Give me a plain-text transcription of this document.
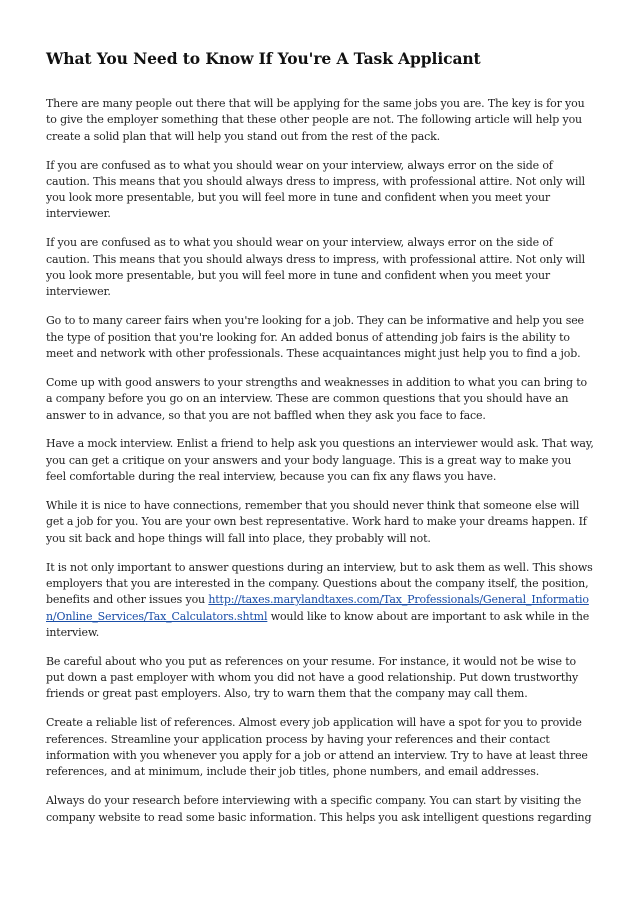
What You Need to Know If You're A Task Applicant

There are many people out there that will be applying for the same jobs you are. The key is for you to give the employer something that these other people are not. The following article will help you create a solid plan that will help you stand out from the rest of the pack.

If you are confused as to what you should wear on your interview, always error on the side of caution. This means that you should always dress to impress, with professional attire. Not only will you look more presentable, but you will feel more in tune and confident when you meet your interviewer.

If you are confused as to what you should wear on your interview, always error on the side of caution. This means that you should always dress to impress, with professional attire. Not only will you look more presentable, but you will feel more in tune and confident when you meet your interviewer.

Go to to many career fairs when you're looking for a job. They can be informative and help you see the type of position that you're looking for. An added bonus of attending job fairs is the ability to meet and network with other professionals. These acquaintances might just help you to find a job.

Come up with good answers to your strengths and weaknesses in addition to what you can bring to a company before you go on an interview. These are common questions that you should have an answer to in advance, so that you are not baffled when they ask you face to face.

Have a mock interview. Enlist a friend to help ask you questions an interviewer would ask. That way, you can get a critique on your answers and your body language. This is a great way to make you feel comfortable during the real interview, because you can fix any flaws you have.

While it is nice to have connections, remember that you should never think that someone else will get a job for you. You are your own best representative. Work hard to make your dreams happen. If you sit back and hope things will fall into place, they probably will not.

It is not only important to answer questions during an interview, but to ask them as well. This shows employers that you are interested in the company. Questions about the company itself, the position, benefits and other issues you http://taxes.marylandtaxes.com/Tax_Professionals/General_Information/Online_Services/Tax_Calculators.shtml would like to know about are important to ask while in the interview.

Be careful about who you put as references on your resume. For instance, it would not be wise to put down a past employer with whom you did not have a good relationship. Put down trustworthy friends or great past employers. Also, try to warn them that the company may call them.

Create a reliable list of references. Almost every job application will have a spot for you to provide references. Streamline your application process by having your references and their contact information with you whenever you apply for a job or attend an interview. Try to have at least three references, and at minimum, include their job titles, phone numbers, and email addresses.

Always do your research before interviewing with a specific company. You can start by visiting the company website to read some basic information. This helps you ask intelligent questions regarding
